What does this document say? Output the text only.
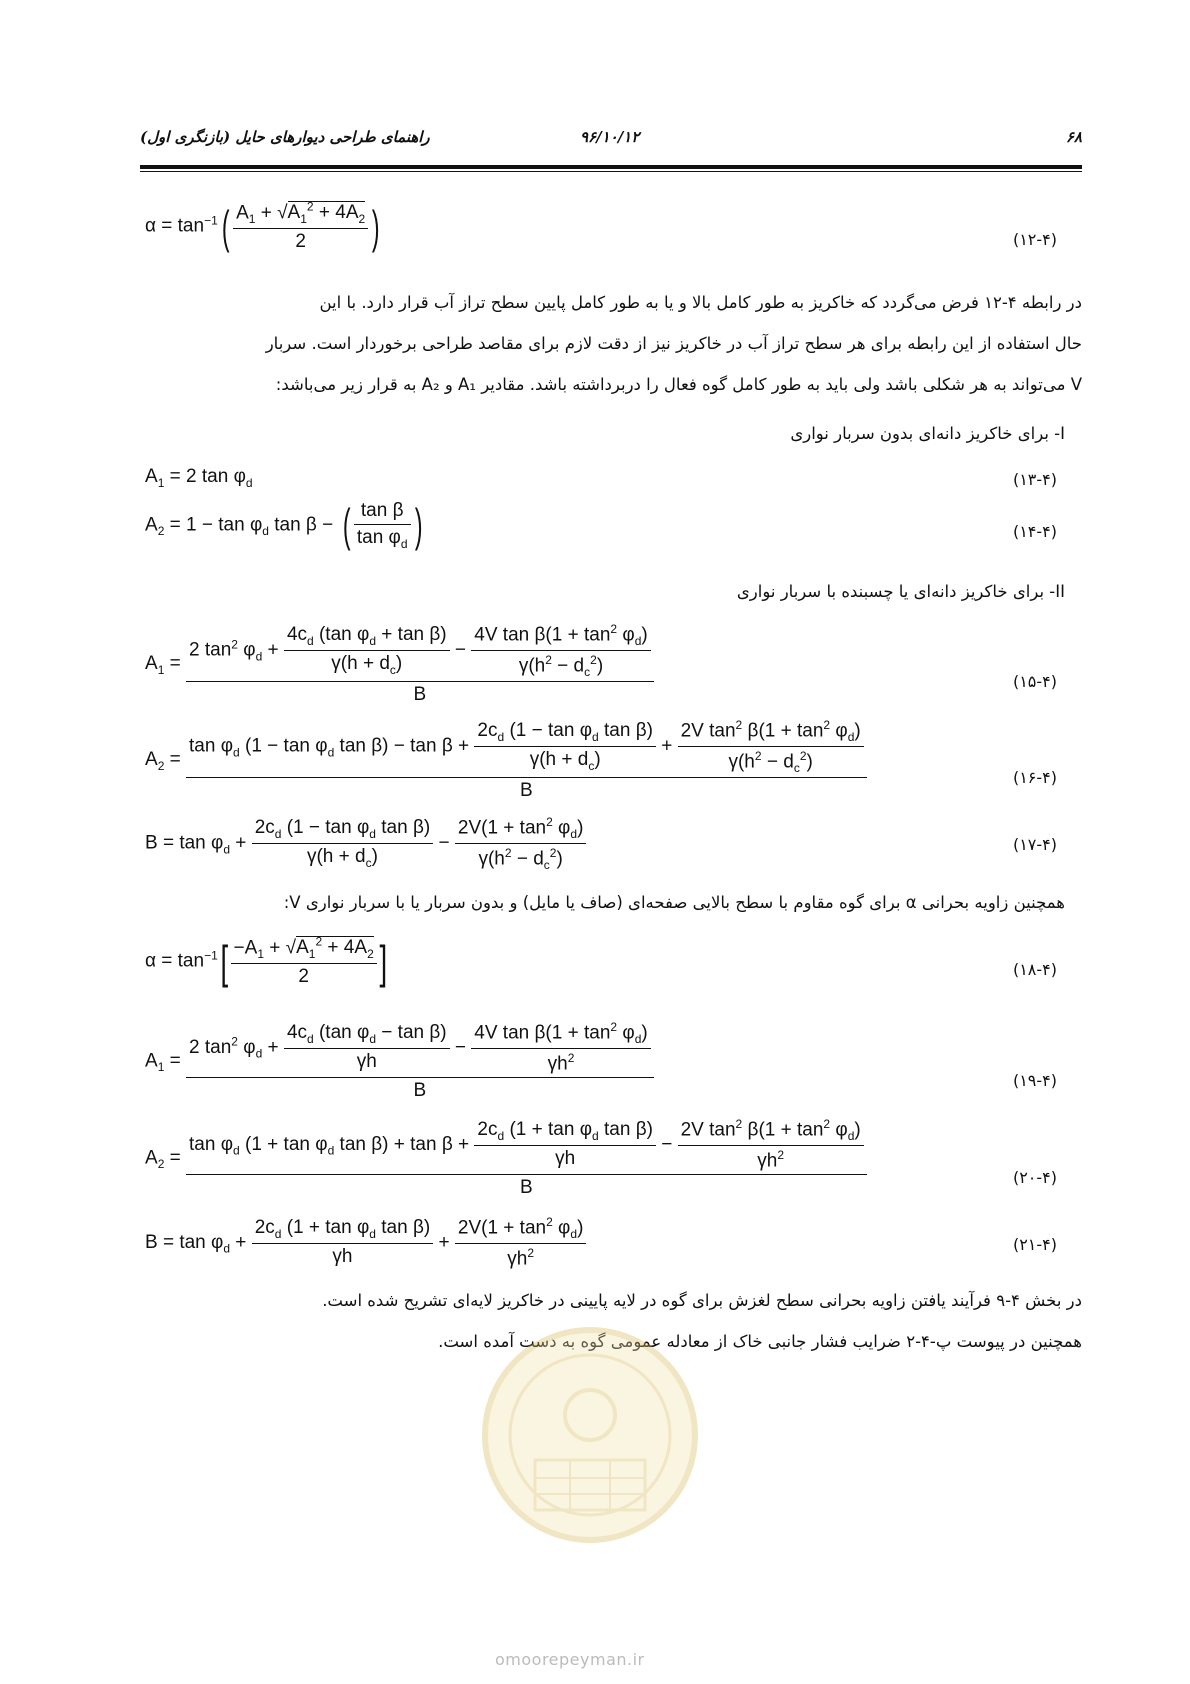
۶۸
۹۶/۱۰/۱۲
راهنمای طراحی دیوارهای حایل (بازنگری اول)
$\alpha = \tan^{-1}( \frac{A_1 + √A_1^2 + 4A_2}{2}$ )	(۱۲-۴)
در رابطه ۴-۱۲ فرض می‌گردد که خاکریز به طور کامل بالا و یا به طور کامل پایین سطح تراز آب قرار دارد. با این
حال استفاده از این رابطه برای هر سطح تراز آب در خاکریز نیز از دقت لازم برای مقاصد طراحی برخوردار است. سربار
V می‌تواند به هر شکلی باشد ولی باید به طور کامل گوه فعال را دربرداشته باشد. مقادیر A₁ و A₂ به قرار زیر می‌باشد:
I- برای خاکریز دانه‌ای بدون سربار نواری
$A_1 = 2$ $\tan \varphi_d$	(۱۳-۴)
$A_2 = 1 - \tan \varphi_d$ tan β − ( $\frac{\text{tan β}}{\tan \varphi_d}$ )	(۱۴-۴)
II- برای خاکریز دانه‌ای یا چسبنده با سربار نواری
$A_1$ =
2 $\tan^2 \varphi_d + \frac{4c_d (\tan \varphi_d + \tan \beta)}{\gamma(h + d_c)} - \frac{4V \tan \beta(1 + \tan^2 \varphi_d)}{\gamma(h^2 - d_c^2)}$
B
(۱۵-۴)
$A_2$ =
$\tan \varphi_d$ ($1 - \tan \varphi_d$ $\tan \beta) - \tan \beta + \frac{2c_d (1 - \tan \varphi_d \tan \beta)}{\gamma(h + d_c)} + \frac{2V \tan^2 \beta(1 + \tan^2 \varphi_d)}{\gamma(h^2 - d_c^2)}$
B
(۱۶-۴)
$B = \tan \varphi_d + \frac{2c_d (1 - \tan \varphi_d \tan \beta)}{\gamma(h + d_c)} - \frac{2V(1 + \tan^2 \varphi_d)}{\gamma(h^2 - d_c^2)}$	(۱۷-۴)
همچنین زاویه بحرانی α برای گوه مقاوم با سطح بالایی صفحه‌ای (صاف یا مایل) و بدون سربار یا با سربار نواری V:
$\alpha = \tan^{-1}[ \frac{-A_1 + √A_1^2 + 4A_2}{2}$ ]	(۱۸-۴)
$A_1$ =
2 $\tan^2 \varphi_d + \frac{4c_d (\tan \varphi_d - \tan \beta)}{\gamma h} - \frac{4V \tan \beta(1 + \tan^2 \varphi_d)}{\gamma h^2}$
B	(۱۹-۴)
$A_2$ =
$\tan \varphi_d$ ($1 + \tan \varphi_d$ $\tan \beta) + \tan \beta + \frac{2c_d (1 + \tan \varphi_d \tan \beta)}{\gamma h} - \frac{2V \tan^2 \beta(1 + \tan^2 \varphi_d)}{\gamma h^2}$
B	(۲۰-۴)
$B = \tan \varphi_d + \frac{2c_d (1 + \tan \varphi_d \tan \beta)}{\gamma h} + \frac{2V(1 + \tan^2 \varphi_d)}{\gamma h^2}$	(۲۱-۴)
در بخش ۴-۹ فرآیند یافتن زاویه بحرانی سطح لغزش برای گوه در لایه پایینی در خاکریز لایه‌ای تشریح شده است.
همچنین در پیوست پ-۴-۲ ضرایب فشار جانبی خاک از معادله عمومی گوه به دست آمده است.
omoorepeyman.ir
